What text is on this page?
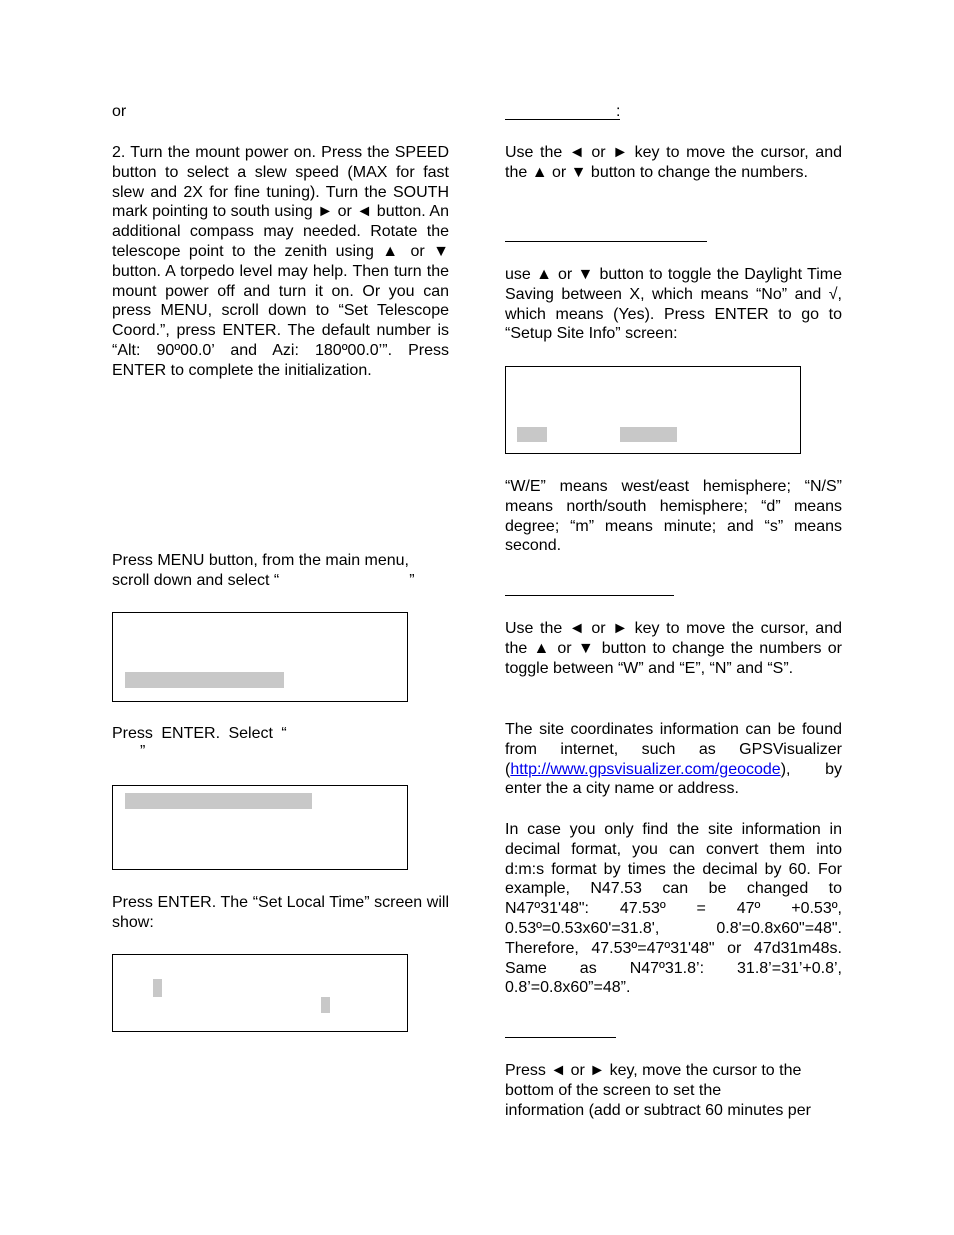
or

2. Turn the mount power on. Press the SPEED button to select a slew speed (MAX for fast slew and 2X for fine tuning). Turn the SOUTH mark pointing to south using ► or ◄ button. An additional compass may needed. Rotate the telescope point to the zenith using ▲ or ▼ button. A torpedo level may help. Then turn the mount power off and turn it on. Or you can press MENU, scroll down to “Set Telescope Coord.”, press ENTER. The default number is “Alt: 90º00.0’ and Azi: 180º00.0’”. Press ENTER to complete the initialization.

Press MENU button, from the main menu,

scroll down and select “	”

Press ENTER. Select “

”

Press ENTER. The “Set Local Time” screen will show:

:

Use the ◄ or ► key to move the cursor, and the ▲ or ▼ button to change the numbers.

use ▲ or ▼ button to toggle the Daylight Time Saving between X, which means “No” and √, which means (Yes). Press ENTER to go to “Setup Site Info” screen:

“W/E” means west/east hemisphere; “N/S” means north/south hemisphere; “d” means degree; “m” means minute; and “s” means second.

Use the ◄ or ► key to move the cursor, and the ▲ or ▼ button to change the numbers or toggle between “W” and “E”, “N” and “S”.

The site coordinates information can be found from internet, such as GPSVisualizer (http://www.gpsvisualizer.com/geocode), by enter the a city name or address.

In case you only find the site information in decimal format, you can convert them into d:m:s format by times the decimal by 60. For example, N47.53 can be changed to N47º31'48": 47.53º = 47º +0.53º, 0.53º=0.53x60'=31.8', 0.8'=0.8x60"=48". Therefore, 47.53º=47º31'48" or 47d31m48s. Same as N47º31.8’: 31.8’=31’+0.8’, 0.8’=0.8x60”=48”.

Press ◄ or ► key, move the cursor to the

bottom of the screen to set the

information (add or subtract 60 minutes per
